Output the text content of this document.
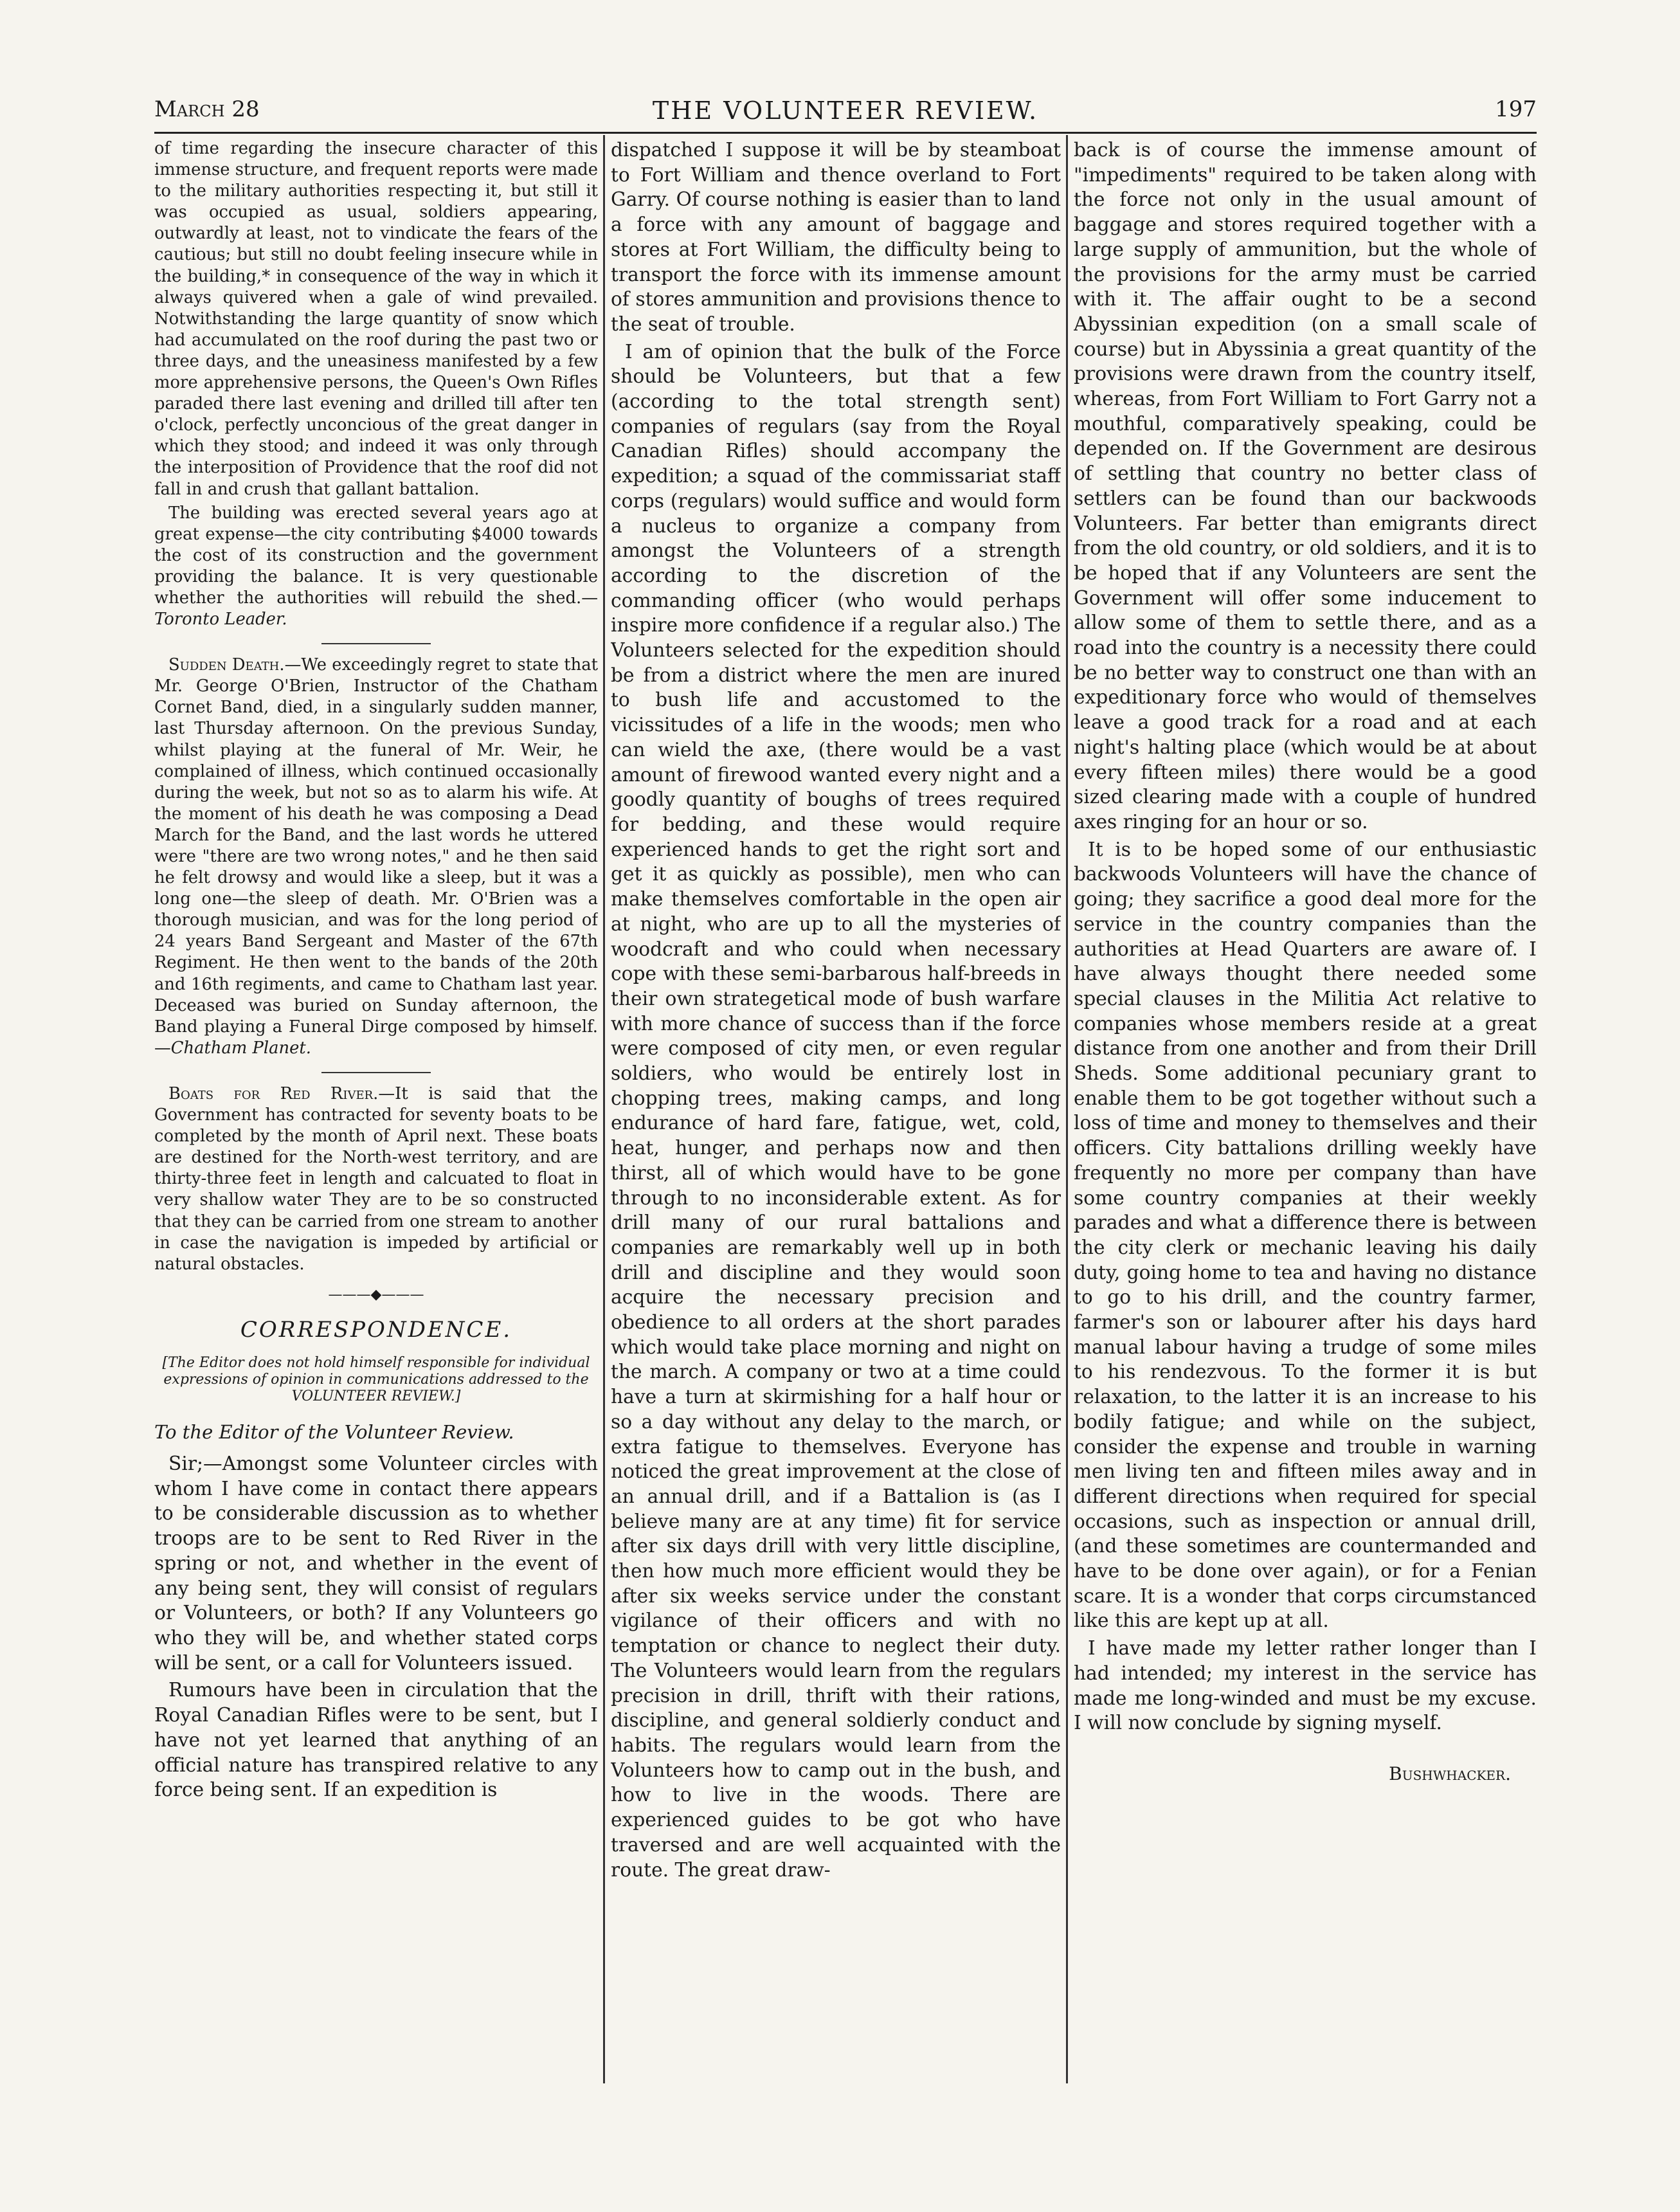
March 28	THE VOLUNTEER REVIEW.	197

of time regarding the insecure character of this immense structure, and frequent reports were made to the military authorities respecting it, but still it was occupied as usual, soldiers appearing, outwardly at least, not to vindicate the fears of the cautious; but still no doubt feeling insecure while in the building,* in consequence of the way in which it always quivered when a gale of wind prevailed. Notwithstanding the large quantity of snow which had accumulated on the roof during the past two or three days, and the uneasiness manifested by a few more apprehensive persons, the Queen's Own Rifles paraded there last evening and drilled till after ten o'clock, perfectly unconcious of the great danger in which they stood; and indeed it was only through the interposition of Providence that the roof did not fall in and crush that gallant battalion.

The building was erected several years ago at great expense—the city contributing $4000 towards the cost of its construction and the government providing the balance. It is very questionable whether the authorities will rebuild the shed.—Toronto Leader.

Sudden Death.—We exceedingly regret to state that Mr. George O'Brien, Instructor of the Chatham Cornet Band, died, in a singularly sudden manner, last Thursday afternoon. On the previous Sunday, whilst playing at the funeral of Mr. Weir, he complained of illness, which continued occasionally during the week, but not so as to alarm his wife. At the moment of his death he was composing a Dead March for the Band, and the last words he uttered were "there are two wrong notes," and he then said he felt drowsy and would like a sleep, but it was a long one—the sleep of death. Mr. O'Brien was a thorough musician, and was for the long period of 24 years Band Sergeant and Master of the 67th Regiment. He then went to the bands of the 20th and 16th regiments, and came to Chatham last year. Deceased was buried on Sunday afternoon, the Band playing a Funeral Dirge composed by himself.—Chatham Planet.

Boats for Red River.—It is said that the Government has contracted for seventy boats to be completed by the month of April next. These boats are destined for the North-west territory, and are thirty-three feet in length and calcuated to float in very shallow water They are to be so constructed that they can be carried from one stream to another in case the navigation is impeded by artificial or natural obstacles.

———◆———
CORRESPONDENCE.
[The Editor does not hold himself responsible for individual expressions of opinion in communications addressed to the VOLUNTEER REVIEW.]
To the Editor of the Volunteer Review.

Sir;—Amongst some Volunteer circles with whom I have come in contact there appears to be considerable discussion as to whether troops are to be sent to Red River in the spring or not, and whether in the event of any being sent, they will consist of regulars or Volunteers, or both? If any Volunteers go who they will be, and whether stated corps will be sent, or a call for Volunteers issued.

Rumours have been in circulation that the Royal Canadian Rifles were to be sent, but I have not yet learned that anything of an official nature has transpired relative to any force being sent. If an expedition is

dispatched I suppose it will be by steamboat to Fort William and thence overland to Fort Garry. Of course nothing is easier than to land a force with any amount of baggage and stores at Fort William, the difficulty being to transport the force with its immense amount of stores ammunition and provisions thence to the seat of trouble.

I am of opinion that the bulk of the Force should be Volunteers, but that a few (according to the total strength sent) companies of regulars (say from the Royal Canadian Rifles) should accompany the expedition; a squad of the commissariat staff corps (regulars) would suffice and would form a nucleus to organize a company from amongst the Volunteers of a strength according to the discretion of the commanding officer (who would perhaps inspire more confidence if a regular also.) The Volunteers selected for the expedition should be from a district where the men are inured to bush life and accustomed to the vicissitudes of a life in the woods; men who can wield the axe, (there would be a vast amount of firewood wanted every night and a goodly quantity of boughs of trees required for bedding, and these would require experienced hands to get the right sort and get it as quickly as possible), men who can make themselves comfortable in the open air at night, who are up to all the mysteries of woodcraft and who could when necessary cope with these semi-barbarous half-breeds in their own strategetical mode of bush warfare with more chance of success than if the force were composed of city men, or even regular soldiers, who would be entirely lost in chopping trees, making camps, and long endurance of hard fare, fatigue, wet, cold, heat, hunger, and perhaps now and then thirst, all of which would have to be gone through to no inconsiderable extent. As for drill many of our rural battalions and companies are remarkably well up in both drill and discipline and they would soon acquire the necessary precision and obedience to all orders at the short parades which would take place morning and night on the march. A company or two at a time could have a turn at skirmishing for a half hour or so a day without any delay to the march, or extra fatigue to themselves. Everyone has noticed the great improvement at the close of an annual drill, and if a Battalion is (as I believe many are at any time) fit for service after six days drill with very little discipline, then how much more efficient would they be after six weeks service under the constant vigilance of their officers and with no temptation or chance to neglect their duty. The Volunteers would learn from the regulars precision in drill, thrift with their rations, discipline, and general soldierly conduct and habits. The regulars would learn from the Volunteers how to camp out in the bush, and how to live in the woods. There are experienced guides to be got who have traversed and are well acquainted with the route. The great draw-

back is of course the immense amount of "impediments" required to be taken along with the force not only in the usual amount of baggage and stores required together with a large supply of ammunition, but the whole of the provisions for the army must be carried with it. The affair ought to be a second Abyssinian expedition (on a small scale of course) but in Abyssinia a great quantity of the provisions were drawn from the country itself, whereas, from Fort William to Fort Garry not a mouthful, comparatively speaking, could be depended on. If the Government are desirous of settling that country no better class of settlers can be found than our backwoods Volunteers. Far better than emigrants direct from the old country, or old soldiers, and it is to be hoped that if any Volunteers are sent the Government will offer some inducement to allow some of them to settle there, and as a road into the country is a necessity there could be no better way to construct one than with an expeditionary force who would of themselves leave a good track for a road and at each night's halting place (which would be at about every fifteen miles) there would be a good sized clearing made with a couple of hundred axes ringing for an hour or so.

It is to be hoped some of our enthusiastic backwoods Volunteers will have the chance of going; they sacrifice a good deal more for the service in the country companies than the authorities at Head Quarters are aware of. I have always thought there needed some special clauses in the Militia Act relative to companies whose members reside at a great distance from one another and from their Drill Sheds. Some additional pecuniary grant to enable them to be got together without such a loss of time and money to themselves and their officers. City battalions drilling weekly have frequently no more per company than have some country companies at their weekly parades and what a difference there is between the city clerk or mechanic leaving his daily duty, going home to tea and having no distance to go to his drill, and the country farmer, farmer's son or labourer after his days hard manual labour having a trudge of some miles to his rendezvous. To the former it is but relaxation, to the latter it is an increase to his bodily fatigue; and while on the subject, consider the expense and trouble in warning men living ten and fifteen miles away and in different directions when required for special occasions, such as inspection or annual drill, (and these sometimes are countermanded and have to be done over again), or for a Fenian scare. It is a wonder that corps circumstanced like this are kept up at all.

I have made my letter rather longer than I had intended; my interest in the service has made me long-winded and must be my excuse. I will now conclude by signing myself.

Bushwhacker.
